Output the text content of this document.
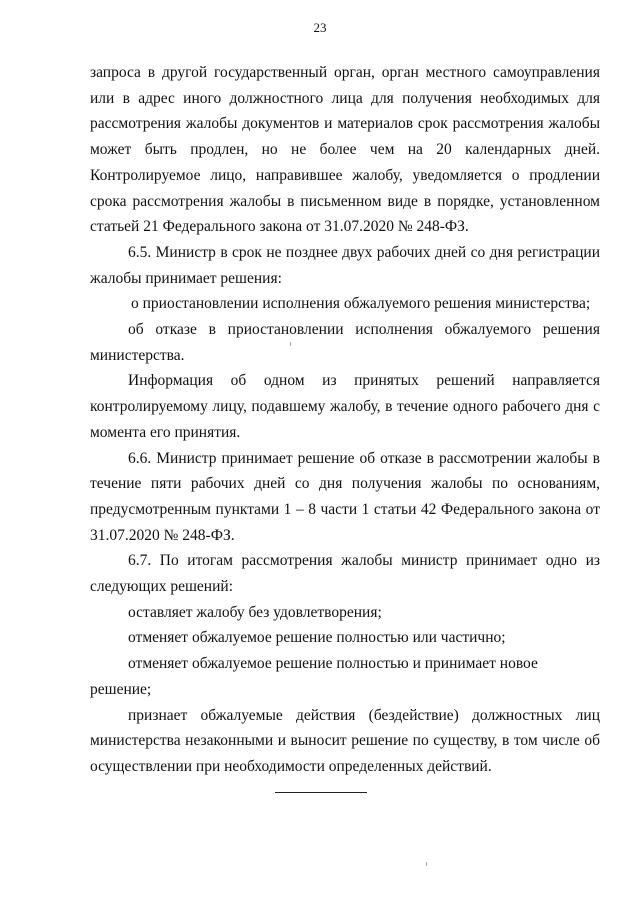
23

запроса в другой государственный орган, орган местного самоуправления или в адрес иного должностного лица для получения необходимых для рассмотрения жалобы документов и материалов срок рассмотрения жалобы может быть продлен, но не более чем на 20 календарных дней. Контролируемое лицо, направившее жалобу, уведомляется о продлении срока рассмотрения жалобы в письменном виде в порядке, установленном статьей 21 Федерального закона от 31.07.2020 № 248-ФЗ.

6.5. Министр в срок не позднее двух рабочих дней со дня регистрации жалобы принимает решения:

о приостановлении исполнения обжалуемого решения министерства;

об отказе в приостановлении исполнения обжалуемого решения министерства.

Информация об одном из принятых решений направляется контролируемому лицу, подавшему жалобу, в течение одного рабочего дня с момента его принятия.

6.6. Министр принимает решение об отказе в рассмотрении жалобы в течение пяти рабочих дней со дня получения жалобы по основаниям, предусмотренным пунктами 1 – 8 части 1 статьи 42 Федерального закона от 31.07.2020 № 248-ФЗ.

6.7. По итогам рассмотрения жалобы министр принимает одно из следующих решений:

оставляет жалобу без удовлетворения;

отменяет обжалуемое решение полностью или частично;

отменяет обжалуемое решение полностью и принимает новое решение;

признает обжалуемые действия (бездействие) должностных лиц министерства незаконными и выносит решение по существу, в том числе об осуществлении при необходимости определенных действий.
